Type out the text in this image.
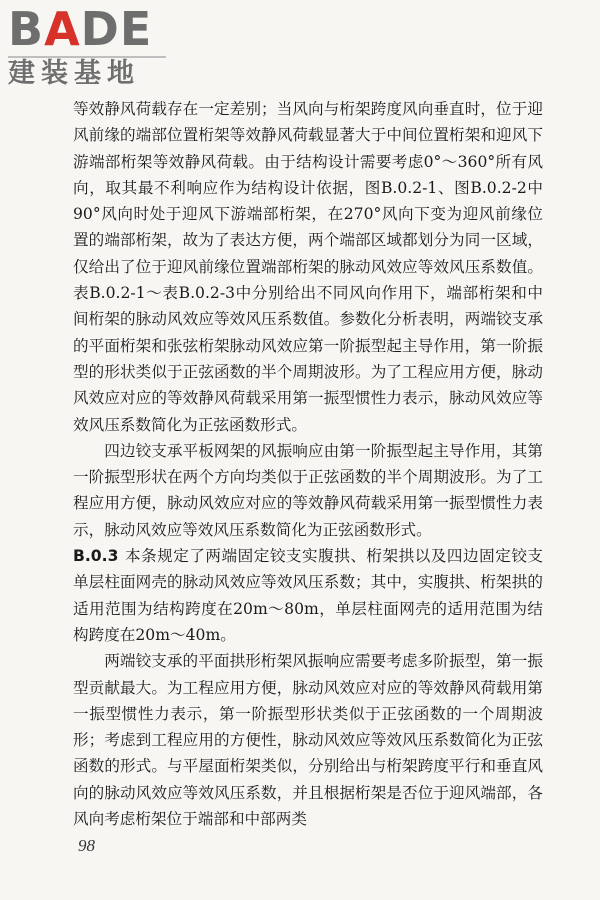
BADE
建装基地

等效静风荷载存在一定差别；当风向与桁架跨度风向垂直时，位于迎风前缘的端部位置桁架等效静风荷载显著大于中间位置桁架和迎风下游端部桁架等效静风荷载。由于结构设计需要考虑0°～360°所有风向，取其最不利响应作为结构设计依据，图B.0.2-1、图B.0.2-2中90°风向时处于迎风下游端部桁架，在270°风向下变为迎风前缘位置的端部桁架，故为了表达方便，两个端部区域都划分为同一区域，仅给出了位于迎风前缘位置端部桁架的脉动风效应等效风压系数值。表B.0.2-1～表B.0.2-3中分别给出不同风向作用下，端部桁架和中间桁架的脉动风效应等效风压系数值。参数化分析表明，两端铰支承的平面桁架和张弦桁架脉动风效应第一阶振型起主导作用，第一阶振型的形状类似于正弦函数的半个周期波形。为了工程应用方便，脉动风效应对应的等效静风荷载采用第一振型惯性力表示，脉动风效应等效风压系数简化为正弦函数形式。

四边铰支承平板网架的风振响应由第一阶振型起主导作用，其第一阶振型形状在两个方向均类似于正弦函数的半个周期波形。为了工程应用方便，脉动风效应对应的等效静风荷载采用第一振型惯性力表示，脉动风效应等效风压系数简化为正弦函数形式。

B.0.3 本条规定了两端固定铰支实腹拱、桁架拱以及四边固定铰支单层柱面网壳的脉动风效应等效风压系数；其中，实腹拱、桁架拱的适用范围为结构跨度在20m～80m，单层柱面网壳的适用范围为结构跨度在20m～40m。

两端铰支承的平面拱形桁架风振响应需要考虑多阶振型，第一振型贡献最大。为工程应用方便，脉动风效应对应的等效静风荷载用第一振型惯性力表示，第一阶振型形状类似于正弦函数的一个周期波形；考虑到工程应用的方便性，脉动风效应等效风压系数简化为正弦函数的形式。与平屋面桁架类似，分别给出与桁架跨度平行和垂直风向的脉动风效应等效风压系数，并且根据桁架是否位于迎风端部，各风向考虑桁架位于端部和中部两类

98
